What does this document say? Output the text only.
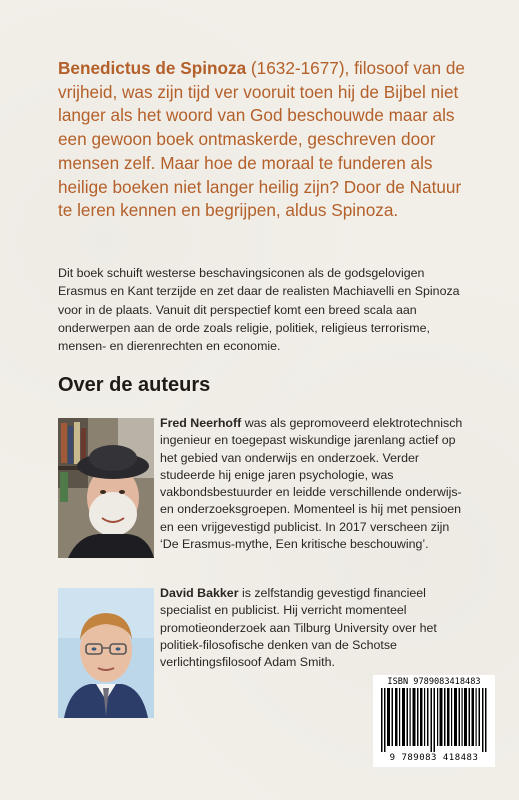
Benedictus de Spinoza (1632-1677), filosoof van de vrijheid, was zijn tijd ver vooruit toen hij de Bijbel niet langer als het woord van God beschouwde maar als een gewoon boek ontmaskerde, geschreven door mensen zelf. Maar hoe de moraal te funderen als heilige boeken niet langer heilig zijn? Door de Natuur te leren kennen en begrijpen, aldus Spinoza.

Dit boek schuift westerse beschavingsiconen als de godsgelovigen Erasmus en Kant terzijde en zet daar de realisten Machiavelli en Spinoza voor in de plaats. Vanuit dit perspectief komt een breed scala aan onderwerpen aan de orde zoals religie, politiek, religieus terrorisme, mensen- en dierenrechten en economie.

Over de auteurs

Fred Neerhoff was als gepromoveerd elektrotechnisch ingenieur en toegepast wiskundige jarenlang actief op het gebied van onderwijs en onderzoek. Verder studeerde hij enige jaren psychologie, was vakbondsbestuurder en leidde verschillende onderwijs- en onderzoeksgroepen. Momenteel is hij met pensioen en een vrijgevestigd publicist. In 2017 verscheen zijn ‘De Erasmus-mythe, Een kritische beschouwing’.

David Bakker is zelfstandig gevestigd financieel specialist en publicist. Hij verricht momenteel promotieonderzoek aan Tilburg University over het politiek-filosofische denken van de Schotse verlichtingsfilosoof Adam Smith.

ISBN 9789083418483
9 789083 418483
